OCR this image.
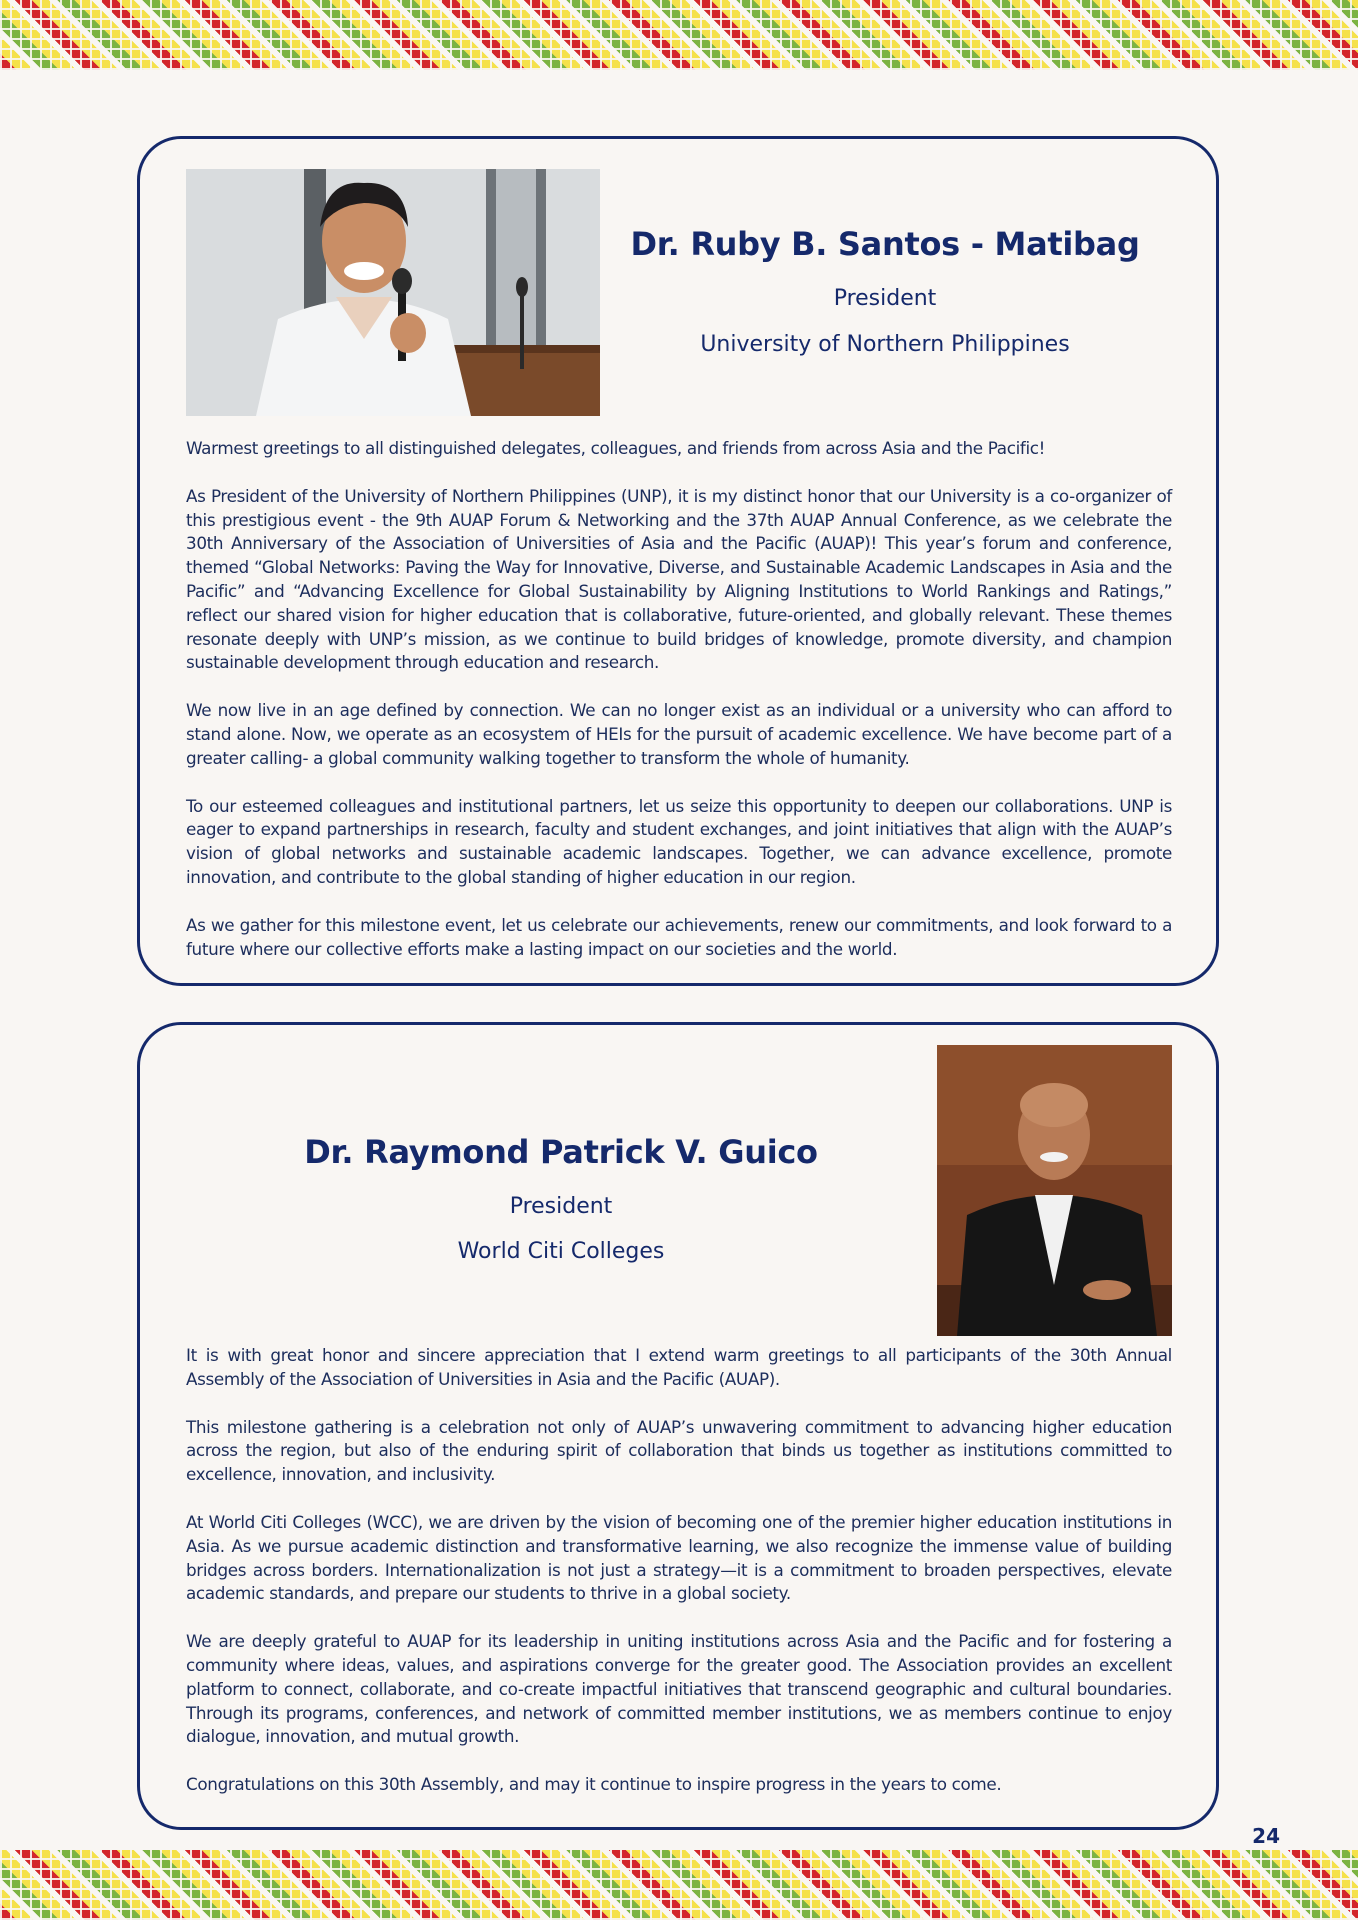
Dr. Ruby B. Santos - Matibag

President

University of Northern Philippines

Warmest greetings to all distinguished delegates, colleagues, and friends from across Asia and the Pacific!

As President of the University of Northern Philippines (UNP), it is my distinct honor that our University is a co-organizer of this prestigious event - the 9th AUAP Forum & Networking and the 37th AUAP Annual Conference, as we celebrate the 30th Anniversary of the Association of Universities of Asia and the Pacific (AUAP)! This year’s forum and conference, themed “Global Networks: Paving the Way for Innovative, Diverse, and Sustainable Academic Landscapes in Asia and the Pacific” and “Advancing Excellence for Global Sustainability by Aligning Institutions to World Rankings and Ratings,” reflect our shared vision for higher education that is collaborative, future-oriented, and globally relevant. These themes resonate deeply with UNP’s mission, as we continue to build bridges of knowledge, promote diversity, and champion sustainable development through education and research.

We now live in an age defined by connection. We can no longer exist as an individual or a university who can afford to stand alone. Now, we operate as an ecosystem of HEIs for the pursuit of academic excellence. We have become part of a greater calling- a global community walking together to transform the whole of humanity.

To our esteemed colleagues and institutional partners, let us seize this opportunity to deepen our collaborations. UNP is eager to expand partnerships in research, faculty and student exchanges, and joint initiatives that align with the AUAP’s vision of global networks and sustainable academic landscapes. Together, we can advance excellence, promote innovation, and contribute to the global standing of higher education in our region.

As we gather for this milestone event, let us celebrate our achievements, renew our commitments, and look forward to a future where our collective efforts make a lasting impact on our societies and the world.

Dr. Raymond Patrick V. Guico

President

World Citi Colleges

It is with great honor and sincere appreciation that I extend warm greetings to all participants of the 30th Annual Assembly of the Association of Universities in Asia and the Pacific (AUAP).

This milestone gathering is a celebration not only of AUAP’s unwavering commitment to advancing higher education across the region, but also of the enduring spirit of collaboration that binds us together as institutions committed to excellence, innovation, and inclusivity.

At World Citi Colleges (WCC), we are driven by the vision of becoming one of the premier higher education institutions in Asia. As we pursue academic distinction and transformative learning, we also recognize the immense value of building bridges across borders. Internationalization is not just a strategy—it is a commitment to broaden perspectives, elevate academic standards, and prepare our students to thrive in a global society.

We are deeply grateful to AUAP for its leadership in uniting institutions across Asia and the Pacific and for fostering a community where ideas, values, and aspirations converge for the greater good. The Association provides an excellent platform to connect, collaborate, and co-create impactful initiatives that transcend geographic and cultural boundaries. Through its programs, conferences, and network of committed member institutions, we as members continue to enjoy dialogue, innovation, and mutual growth.

Congratulations on this 30th Assembly, and may it continue to inspire progress in the years to come.

24
